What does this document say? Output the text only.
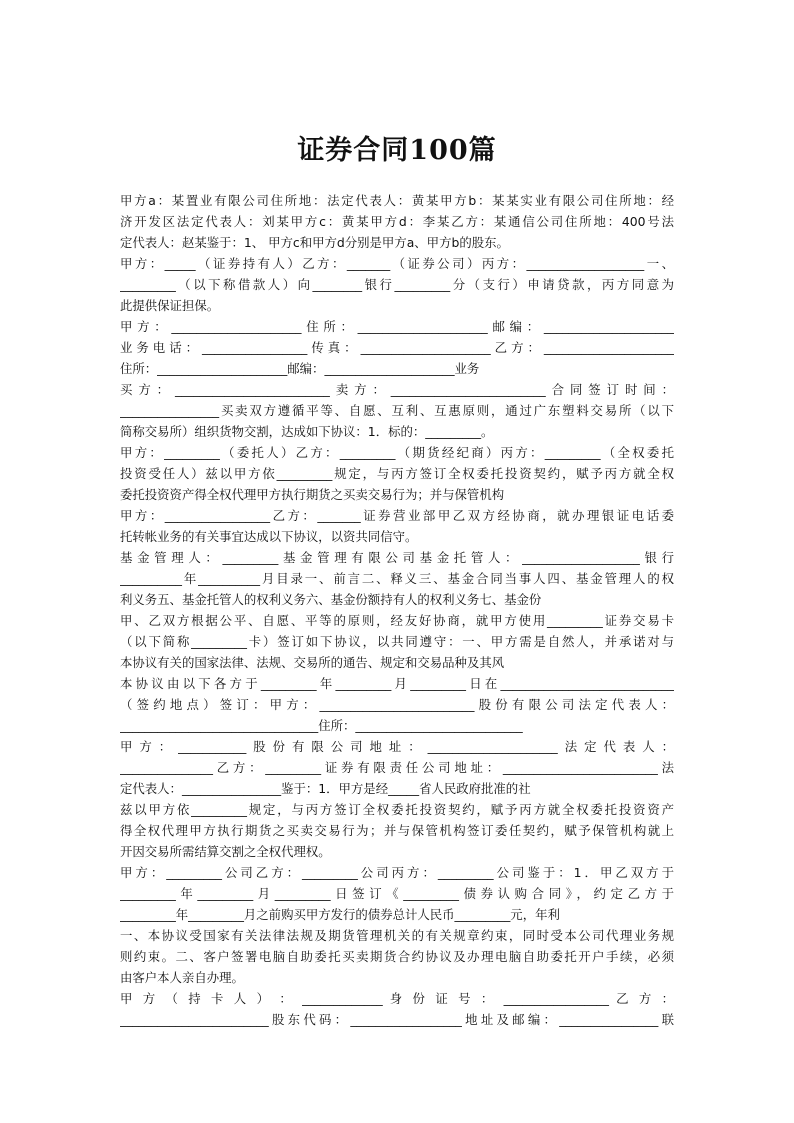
证券合同100篇
甲方a：某置业有限公司住所地：法定代表人：黄某甲方b：某某实业有限公司住所地：经
济开发区法定代表人：刘某甲方c：黄某甲方d：李某乙方：某通信公司住所地：400号法
定代表人：赵某鉴于：1、 甲方c和甲方d分别是甲方a、甲方b的股东。
甲方：_____（证券持有人）乙方：_______（证券公司）丙方：___________________一、
_________（以下称借款人）向________银行_________分（支行）申请贷款，丙方同意为
此提供保证担保。
甲方：_____________________住所：_____________________邮编：_____________________
业务电话：_________________传真：_____________________乙方：_____________________
住所：_____________________邮编：_____________________业务
买方：_________________________卖方：_________________________合同签订时间：
________________买卖双方遵循平等、自愿、互利、互惠原则，通过广东塑料交易所（以下
简称交易所）组织货物交割，达成如下协议：1．标的：_________。
甲方：_________（委托人）乙方：_________（期货经纪商）丙方：_________（全权委托
投资受任人）兹以甲方依_________规定，与丙方签订全权委托投资契约，赋予丙方就全权
委托投资资产得全权代理甲方执行期货之买卖交易行为；并与保管机构
甲方：_________________乙方：_______证券营业部甲乙双方经协商，就办理银证电话委
托转帐业务的有关事宜达成以下协议，以资共同信守。
基金管理人：_________基金管理有限公司基金托管人：___________________银行
__________年__________月目录一、前言二、释义三、基金合同当事人四、基金管理人的权
利义务五、基金托管人的权利义务六、基金份额持有人的权利义务七、基金份
甲、乙双方根据公平、自愿、平等的原则，经友好协商，就甲方使用_________证券交易卡
（以下简称_________卡）签订如下协议，以共同遵守：一、甲方需是自然人，并承诺对与
本协议有关的国家法律、法规、交易所的通告、规定和交易品种及其风
本协议由以下各方于_________年_________月_________日在____________________________
（签约地点）签订：甲方：_________________________股份有限公司法定代表人：
________________________________住所：___________________________
甲方：___________股份有限公司地址：_____________________法定代表人：
_______________乙方：_________证券有限责任公司地址：_________________________法
定代表人：________________鉴于：1．甲方是经_____省人民政府批准的社
兹以甲方依_________规定，与丙方签订全权委托投资契约，赋予丙方就全权委托投资资产
得全权代理甲方执行期货之买卖交易行为；并与保管机构签订委任契约，赋予保管机构就上
开因交易所需结算交割之全权代理权。
甲方：_________公司乙方：_________公司丙方：_________公司鉴于：1．甲乙双方于
_________年_________月_________日签订《_________债券认购合同》，约定乙方于
_________年_________月之前购买甲方发行的债券总计人民币_________元，年利
一、本协议受国家有关法律法规及期货管理机关的有关规章约束，同时受本公司代理业务规
则约束。二、客户签署电脑自助委托买卖期货合约协议及办理电脑自助委托开户手续，必须
由客户本人亲自办理。
甲 方 （ 持 卡 人 ） ： _____________ 身 份 证 号 ： _________________ 乙 方 ：
________________________股东代码：__________________地址及邮编：________________联
